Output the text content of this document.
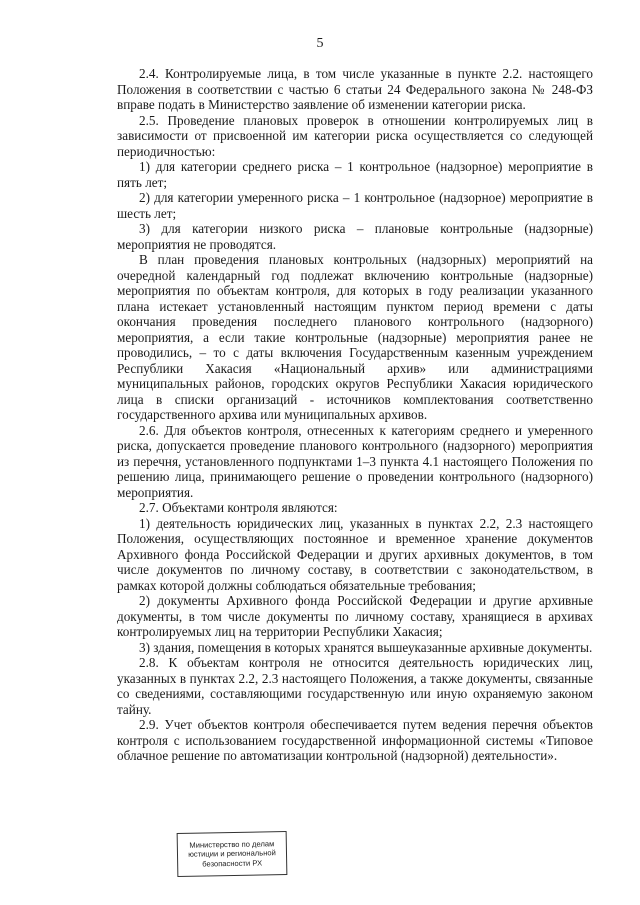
5

2.4. Контролируемые лица, в том числе указанные в пункте 2.2. настоящего Положения в соответствии с частью 6 статьи 24 Федерального закона № 248-ФЗ вправе подать в Министерство заявление об изменении категории риска.

2.5. Проведение плановых проверок в отношении контролируемых лиц в зависимости от присвоенной им категории риска осуществляется со следующей периодичностью:

1) для категории среднего риска – 1 контрольное (надзорное) мероприятие в пять лет;

2) для категории умеренного риска – 1 контрольное (надзорное) мероприятие в шесть лет;

3) для категории низкого риска – плановые контрольные (надзорные) мероприятия не проводятся.

В план проведения плановых контрольных (надзорных) мероприятий на очередной календарный год подлежат включению контрольные (надзорные) мероприятия по объектам контроля, для которых в году реализации указанного плана истекает установленный настоящим пунктом период времени с даты окончания проведения последнего планового контрольного (надзорного) мероприятия, а если такие контрольные (надзорные) мероприятия ранее не проводились, – то с даты включения Государственным казенным учреждением Республики Хакасия «Национальный архив» или администрациями муниципальных районов, городских округов Республики Хакасия юридического лица в списки организаций - источников комплектования соответственно государственного архива или муниципальных архивов.

2.6. Для объектов контроля, отнесенных к категориям среднего и умеренного риска, допускается проведение планового контрольного (надзорного) мероприятия из перечня, установленного подпунктами 1–3 пункта 4.1 настоящего Положения по решению лица, принимающего решение о проведении контрольного (надзорного) мероприятия.

2.7. Объектами контроля являются:

1) деятельность юридических лиц, указанных в пунктах 2.2, 2.3 настоящего Положения, осуществляющих постоянное и временное хранение документов Архивного фонда Российской Федерации и других архивных документов, в том числе документов по личному составу, в соответствии с законодательством, в рамках которой должны соблюдаться обязательные требования;

2) документы Архивного фонда Российской Федерации и другие архивные документы, в том числе документы по личному составу, хранящиеся в архивах контролируемых лиц на территории Республики Хакасия;

3) здания, помещения в которых хранятся вышеуказанные архивные документы.

2.8. К объектам контроля не относится деятельность юридических лиц, указанных в пунктах 2.2, 2.3 настоящего Положения, а также документы, связанные со сведениями, составляющими государственную или иную охраняемую законом тайну.

2.9. Учет объектов контроля обеспечивается путем ведения перечня объектов контроля с использованием государственной информационной системы «Типовое облачное решение по автоматизации контрольной (надзорной) деятельности».

Министерство по делам
юстиции и региональной
безопасности РХ
